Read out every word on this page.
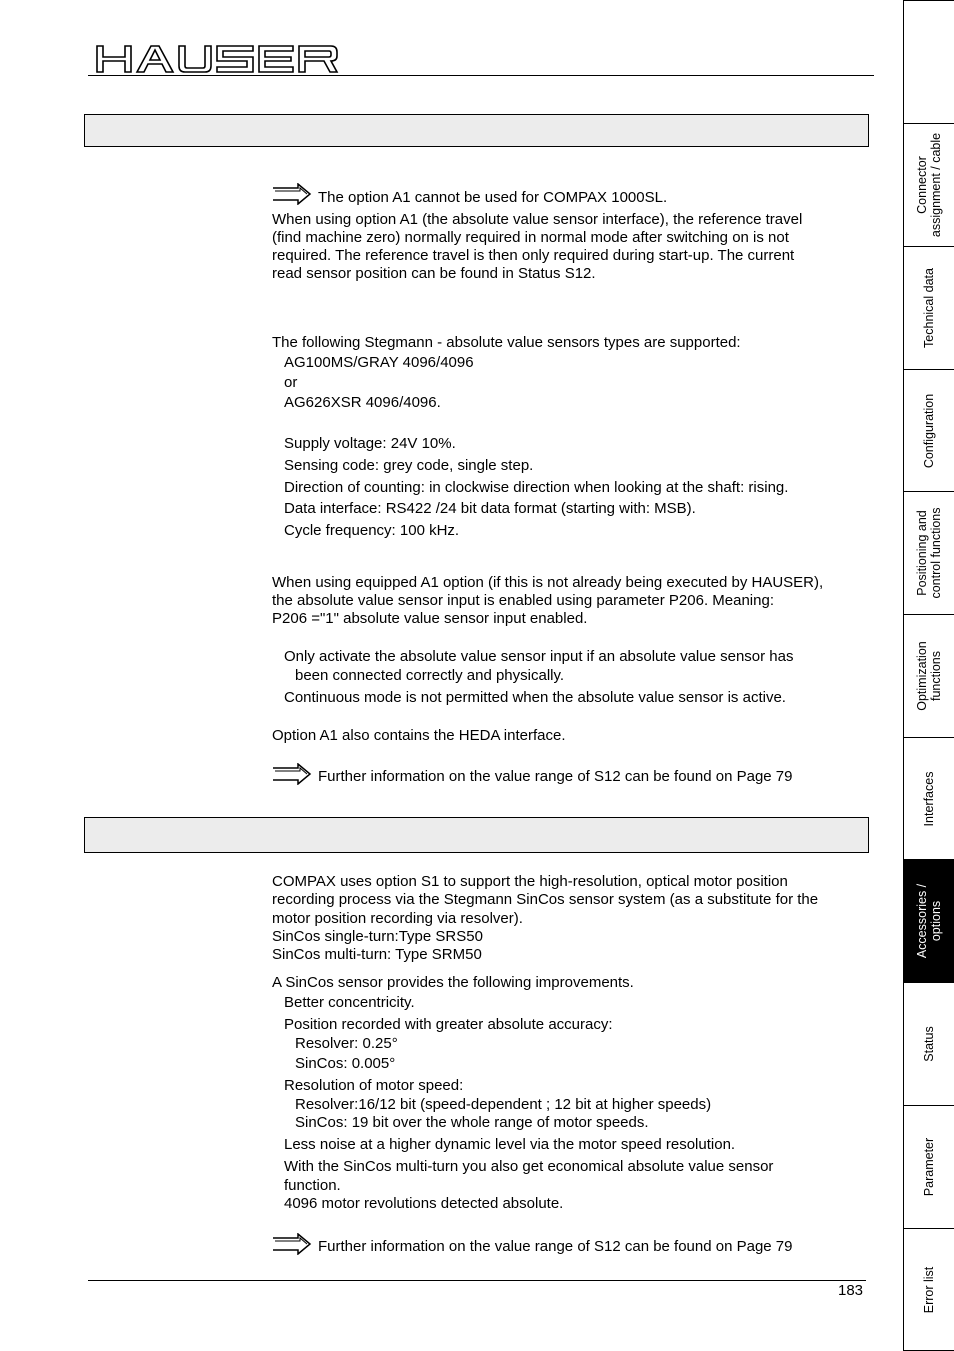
The option A1 cannot be used for COMPAX 1000SL.
When using option A1 (the absolute value sensor interface), the reference travel
(find machine zero) normally required in normal mode after switching on is not
required. The reference travel is then only required during start-up. The current
read sensor position can be found in Status S12.
The following Stegmann - absolute value sensors types are supported:
AG100MS/GRAY 4096/4096
or
AG626XSR 4096/4096.
Supply voltage: 24V 10%.
Sensing code: grey code, single step.
Direction of counting: in clockwise direction when looking at the shaft: rising.
Data interface: RS422 /24 bit data format (starting with: MSB).
Cycle frequency: 100 kHz.
When using equipped A1 option (if this is not already being executed by HAUSER),
the absolute value sensor input is enabled using parameter P206. Meaning:
P206 ="1" absolute value sensor input enabled.
Only activate the absolute value sensor input if an absolute value sensor has
been connected correctly and physically.
Continuous mode is not permitted when the absolute value sensor is active.
Option A1 also contains the HEDA interface.
Further information on the value range of S12 can be found on Page 79
COMPAX uses option S1 to support the high-resolution, optical motor position
recording process via the Stegmann SinCos sensor system (as a substitute for the
motor position recording via resolver).
SinCos single-turn:Type SRS50
SinCos multi-turn: Type SRM50
A SinCos sensor provides the following improvements.
Better concentricity.
Position recorded with greater absolute accuracy:
Resolver: 0.25°
SinCos: 0.005°
Resolution of motor speed:
Resolver:16/12 bit (speed-dependent ; 12 bit at higher speeds)
SinCos: 19 bit over the whole range of motor speeds.
Less noise at a higher dynamic level via the motor speed resolution.
With the SinCos multi-turn you also get economical absolute value sensor
function.
4096 motor revolutions detected absolute.
Further information on the value range of S12 can be found on Page 79
183
Connector
assignment / cable
Technical data
Configuration
Positioning and
control functions
Optimization
functions
Interfaces
Accessories /
options
Status
Parameter
Error list
